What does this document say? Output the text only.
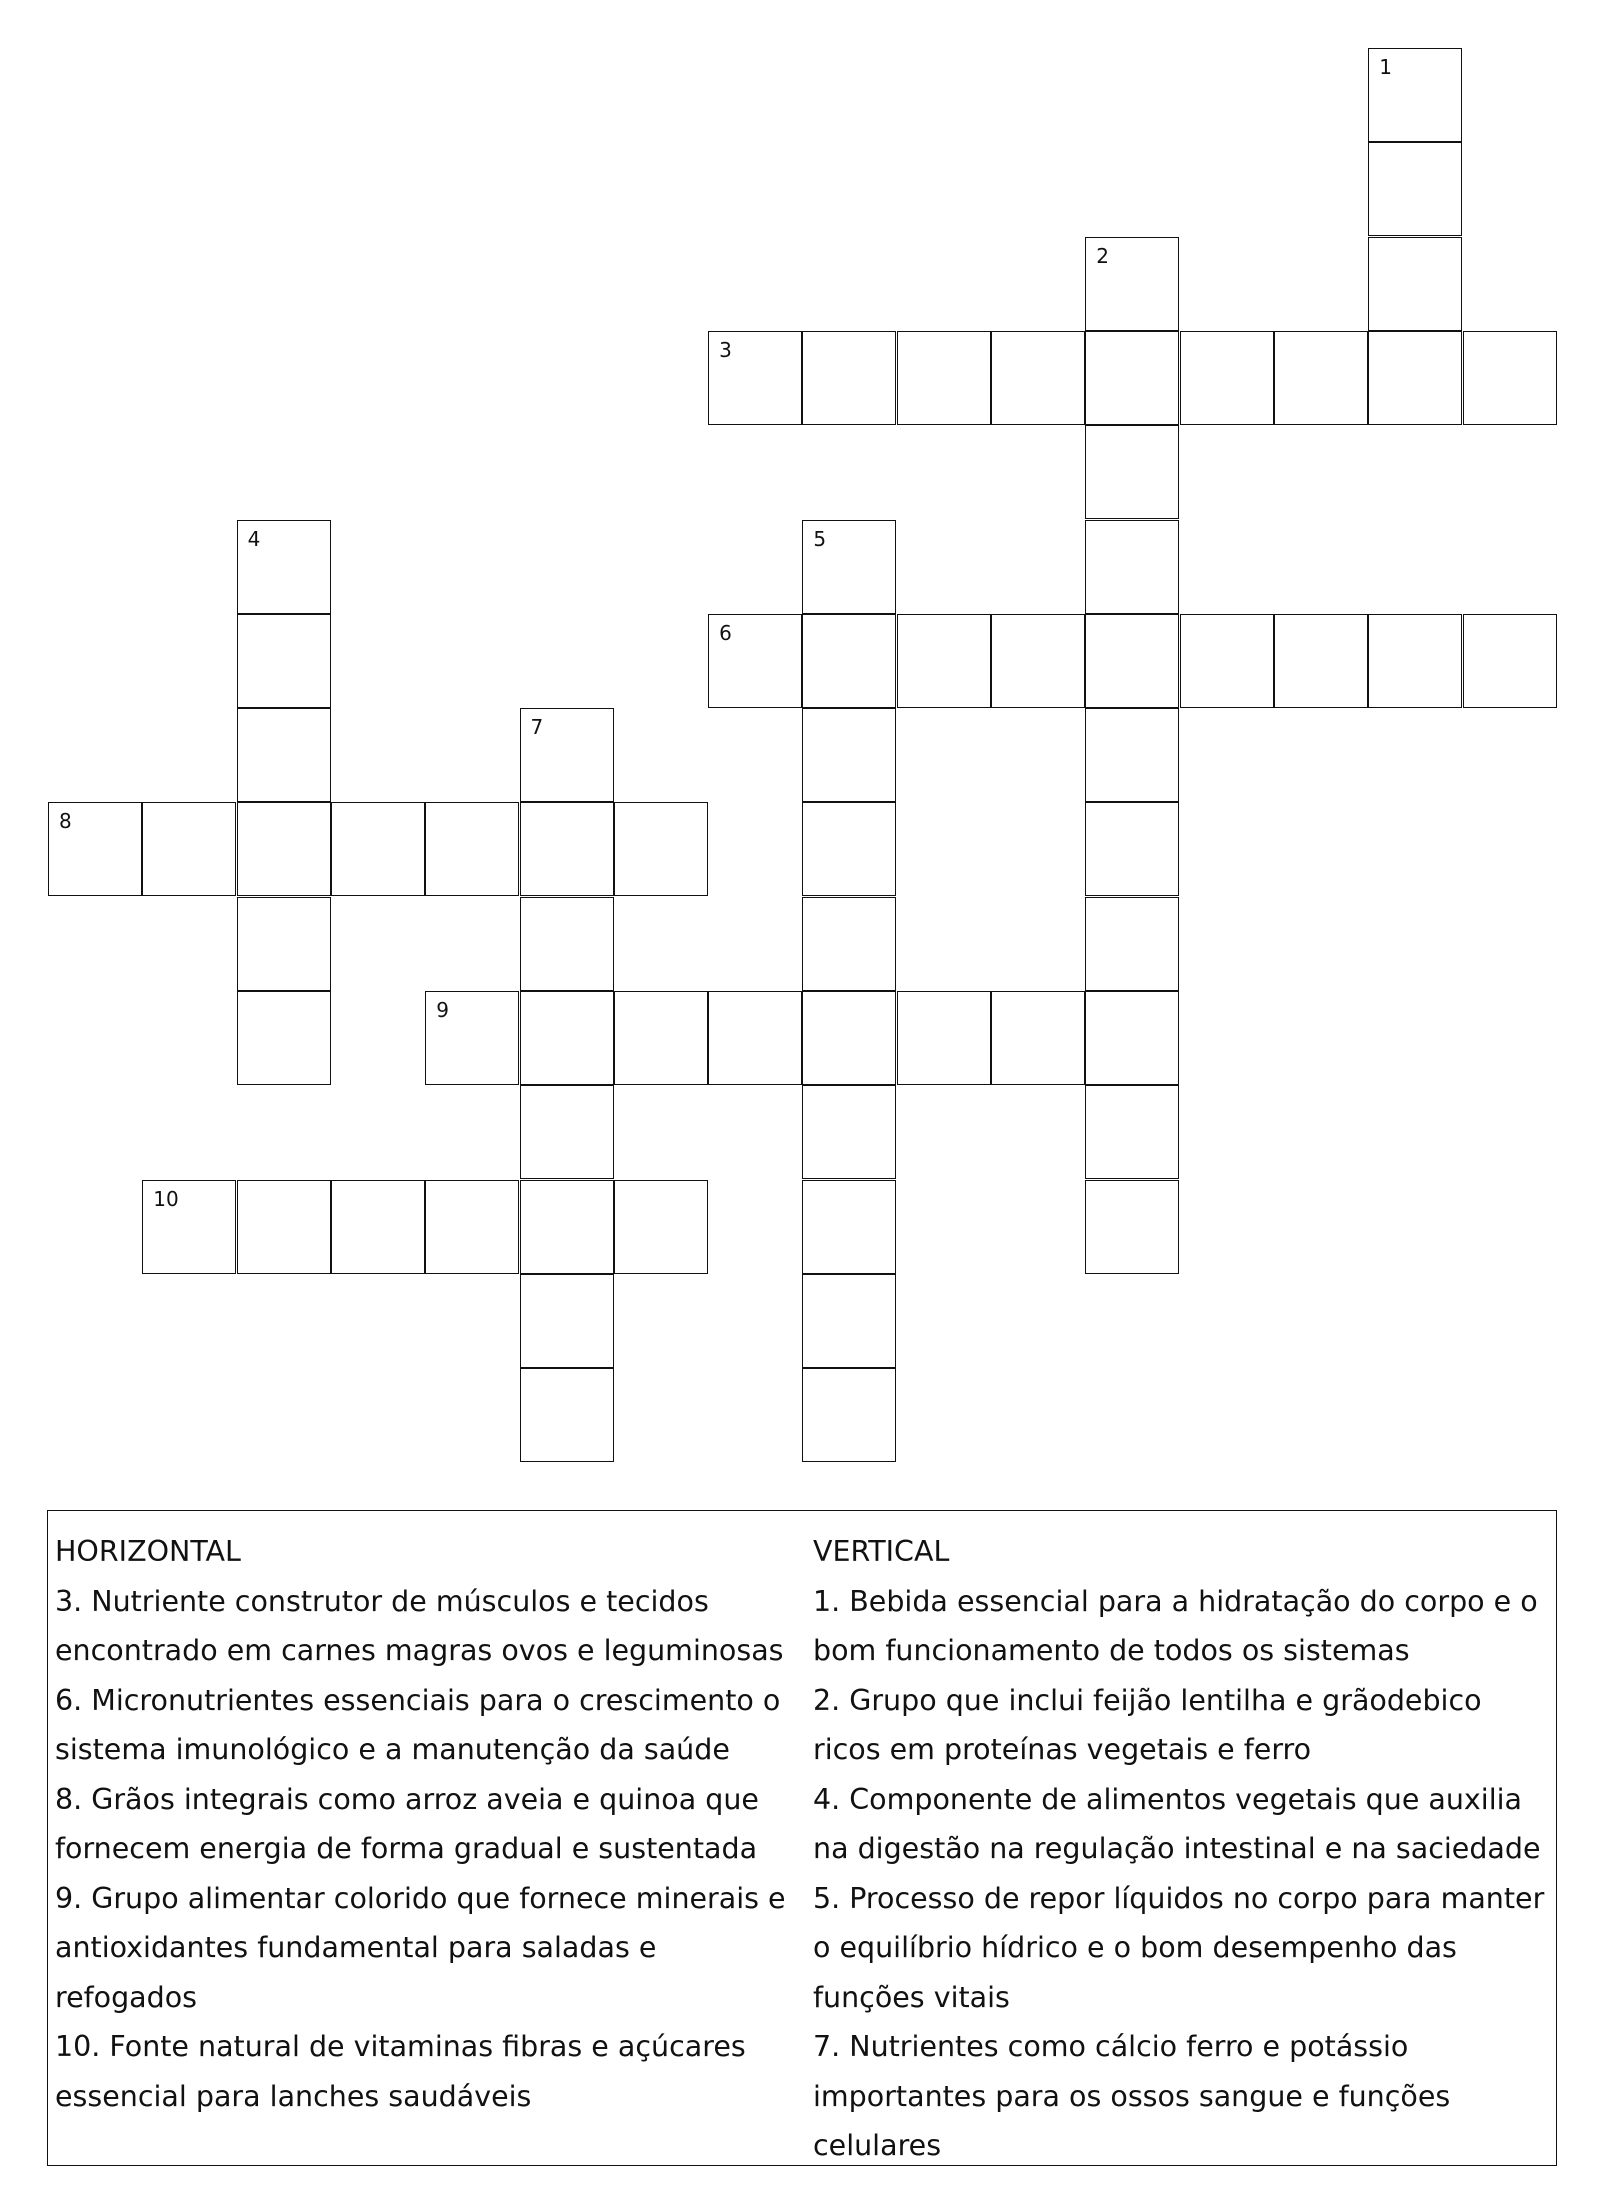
1
2
3
4	5
6
7
8
9
10
HORIZONTAL
3. Nutriente construtor de músculos e tecidos encontrado em carnes magras ovos e leguminosas
6. Micronutrientes essenciais para o crescimento o sistema imunológico e a manutenção da saúde
8. Grãos integrais como arroz aveia e quinoa que fornecem energia de forma gradual e sustentada
9. Grupo alimentar colorido que fornece minerais e antioxidantes fundamental para saladas e refogados
10. Fonte natural de vitaminas fibras e açúcares essencial para lanches saudáveis
VERTICAL
1. Bebida essencial para a hidratação do corpo e o bom funcionamento de todos os sistemas
2. Grupo que inclui feijão lentilha e grãodebico ricos em proteínas vegetais e ferro
4. Componente de alimentos vegetais que auxilia na digestão na regulação intestinal e na saciedade
5. Processo de repor líquidos no corpo para manter o equilíbrio hídrico e o bom desempenho das funções vitais
7. Nutrientes como cálcio ferro e potássio importantes para os ossos sangue e funções celulares
